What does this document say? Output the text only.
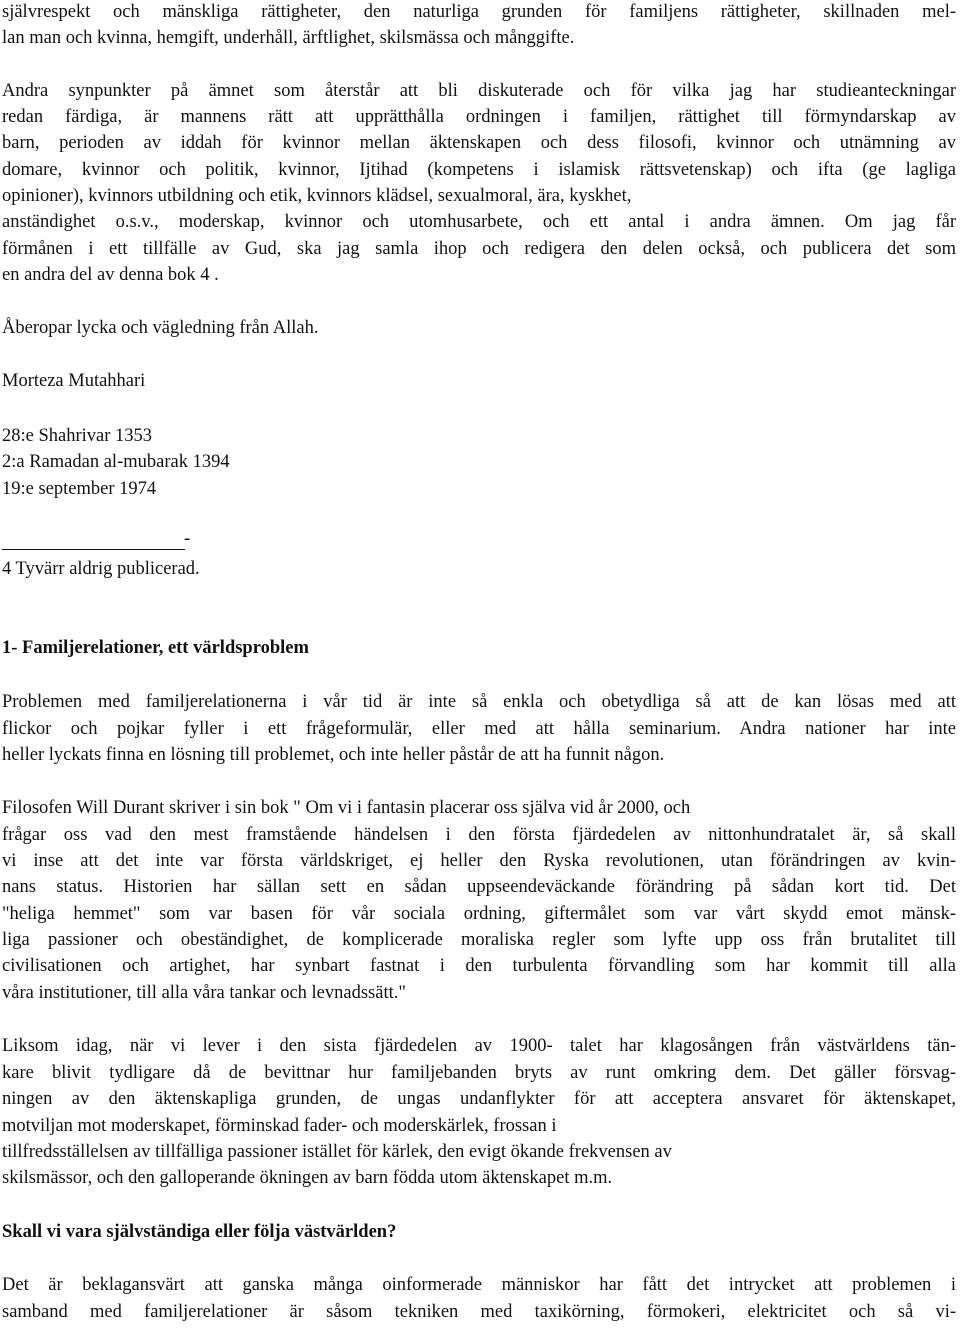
självrespekt och mänskliga rättigheter, den naturliga grunden för familjens rättigheter, skillnaden mel-
lan man och kvinna, hemgift, underhåll, ärftlighet, skilsmässa och månggifte.
Andra synpunkter på ämnet som återstår att bli diskuterade och för vilka jag har studieanteckningar
redan färdiga, är mannens rätt att upprätthålla ordningen i familjen, rättighet till förmyndarskap av
barn, perioden av iddah för kvinnor mellan äktenskapen och dess filosofi, kvinnor och utnämning av
domare, kvinnor och politik, kvinnor, Ijtihad (kompetens i islamisk rättsvetenskap) och ifta (ge lagliga
opinioner), kvinnors utbildning och etik, kvinnors klädsel, sexualmoral, ära, kyskhet,
anständighet o.s.v., moderskap, kvinnor och utomhusarbete, och ett antal i andra ämnen. Om jag får
förmånen i ett tillfälle av Gud, ska jag samla ihop och redigera den delen också, och publicera det som
en andra del av denna bok 4 .
Åberopar lycka och vägledning från Allah.
Morteza Mutahhari
28:e Shahrivar 1353
2:a Ramadan al-mubarak 1394
19:e september 1974
-
4 Tyvärr aldrig publicerad.
1- Familjerelationer, ett världsproblem
Problemen med familjerelationerna i vår tid är inte så enkla och obetydliga så att de kan lösas med att
flickor och pojkar fyller i ett frågeformulär, eller med att hålla seminarium. Andra nationer har inte
heller lyckats finna en lösning till problemet, och inte heller påstår de att ha funnit någon.
Filosofen Will Durant skriver i sin bok " Om vi i fantasin placerar oss själva vid år 2000, och
frågar oss vad den mest framstående händelsen i den första fjärdedelen av nittonhundratalet är, så skall
vi inse att det inte var första världskriget, ej heller den Ryska revolutionen, utan förändringen av kvin-
nans status. Historien har sällan sett en sådan uppseendeväckande förändring på sådan kort tid. Det
"heliga hemmet" som var basen för vår sociala ordning, giftermålet som var vårt skydd emot mänsk-
liga passioner och obeständighet, de komplicerade moraliska regler som lyfte upp oss från brutalitet till
civilisationen och artighet, har synbart fastnat i den turbulenta förvandling som har kommit till alla
våra institutioner, till alla våra tankar och levnadssätt."
Liksom idag, när vi lever i den sista fjärdedelen av 1900- talet har klagosången från västvärldens tän-
kare blivit tydligare då de bevittnar hur familjebanden bryts av runt omkring dem. Det gäller försvag-
ningen av den äktenskapliga grunden, de ungas undanflykter för att acceptera ansvaret för äktenskapet,
motviljan mot moderskapet, förminskad fader- och moderskärlek, frossan i
tillfredsställelsen av tillfälliga passioner istället för kärlek, den evigt ökande frekvensen av
skilsmässor, och den galloperande ökningen av barn födda utom äktenskapet m.m.
Skall vi vara självständiga eller följa västvärlden?
Det är beklagansvärt att ganska många oinformerade människor har fått det intrycket att problemen i
samband med familjerelationer är såsom tekniken med taxikörning, förmokeri, elektricitet och så vi-
